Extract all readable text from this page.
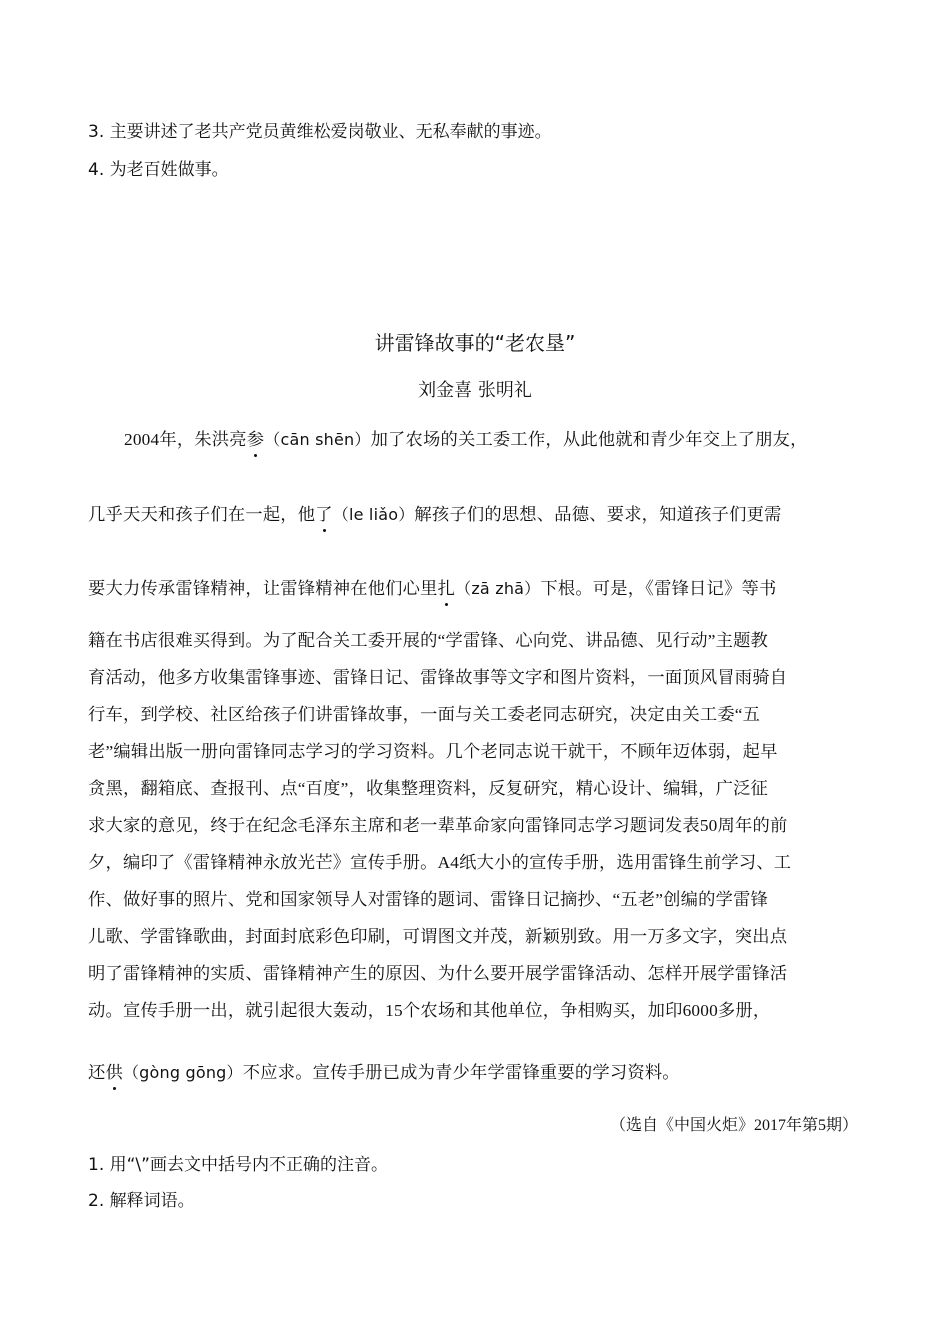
3. 主要讲述了老共产党员黄维松爱岗敬业、无私奉献的事迹。
4. 为老百姓做事。
讲雷锋故事的“老农垦”
刘金喜 张明礼
2004年，朱洪亮参（cān shēn）加了农场的关工委工作，从此他就和青少年交上了朋友，
几乎天天和孩子们在一起，他了（le liǎo）解孩子们的思想、品德、要求，知道孩子们更需
要大力传承雷锋精神，让雷锋精神在他们心里扎（zā zhā）下根。可是，《雷锋日记》等书
籍在书店很难买得到。为了配合关工委开展的“学雷锋、心向党、讲品德、见行动”主题教
育活动，他多方收集雷锋事迹、雷锋日记、雷锋故事等文字和图片资料，一面顶风冒雨骑自
行车，到学校、社区给孩子们讲雷锋故事，一面与关工委老同志研究，决定由关工委“五
老”编辑出版一册向雷锋同志学习的学习资料。几个老同志说干就干，不顾年迈体弱，起早
贪黑，翻箱底、查报刊、点“百度”，收集整理资料，反复研究，精心设计、编辑，广泛征
求大家的意见，终于在纪念毛泽东主席和老一辈革命家向雷锋同志学习题词发表50周年的前
夕，编印了《雷锋精神永放光芒》宣传手册。A4纸大小的宣传手册，选用雷锋生前学习、工
作、做好事的照片、党和国家领导人对雷锋的题词、雷锋日记摘抄、“五老”创编的学雷锋
儿歌、学雷锋歌曲，封面封底彩色印刷，可谓图文并茂，新颖别致。用一万多文字，突出点
明了雷锋精神的实质、雷锋精神产生的原因、为什么要开展学雷锋活动、怎样开展学雷锋活
动。宣传手册一出，就引起很大轰动，15个农场和其他单位，争相购买，加印6000多册，
还供（gòng gōng）不应求。宣传手册已成为青少年学雷锋重要的学习资料。
（选自《中国火炬》2017年第5期）
1. 用“\”画去文中括号内不正确的注音。
2. 解释词语。
